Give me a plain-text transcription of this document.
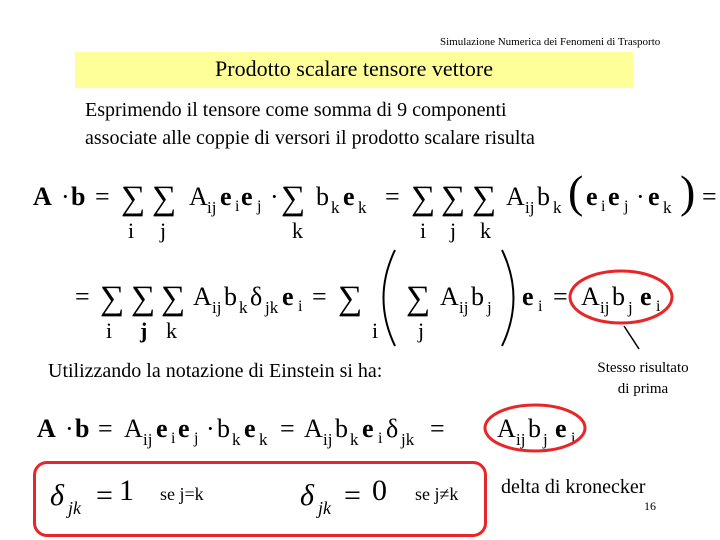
Simulazione Numerica dei Fenomeni di Trasporto
Prodotto scalare tensore vettore
Esprimendo il tensore come somma di 9 componenti
associate alle coppie di versori il prodotto scalare risulta
A · b = ∑ ∑ A ij e i e j · ∑ b k e k = ∑ ∑ ∑ A ij b k ( e i e j · e k ) =
i j	k	i j k
= ∑ ∑ ∑ A ij b k δ jk e i = ∑ ∑ A ij b j e i = A ij b j e i
i j k	i j
A · b = A ij e i e j · b k e k = A ij b k e i δ jk = A ij b j e i
δ jk =	δ jk =
1 se j=k	0 se j≠k
Utilizzando la notazione di Einstein si ha:	Stesso risultato
di prima
delta di kronecker
16
